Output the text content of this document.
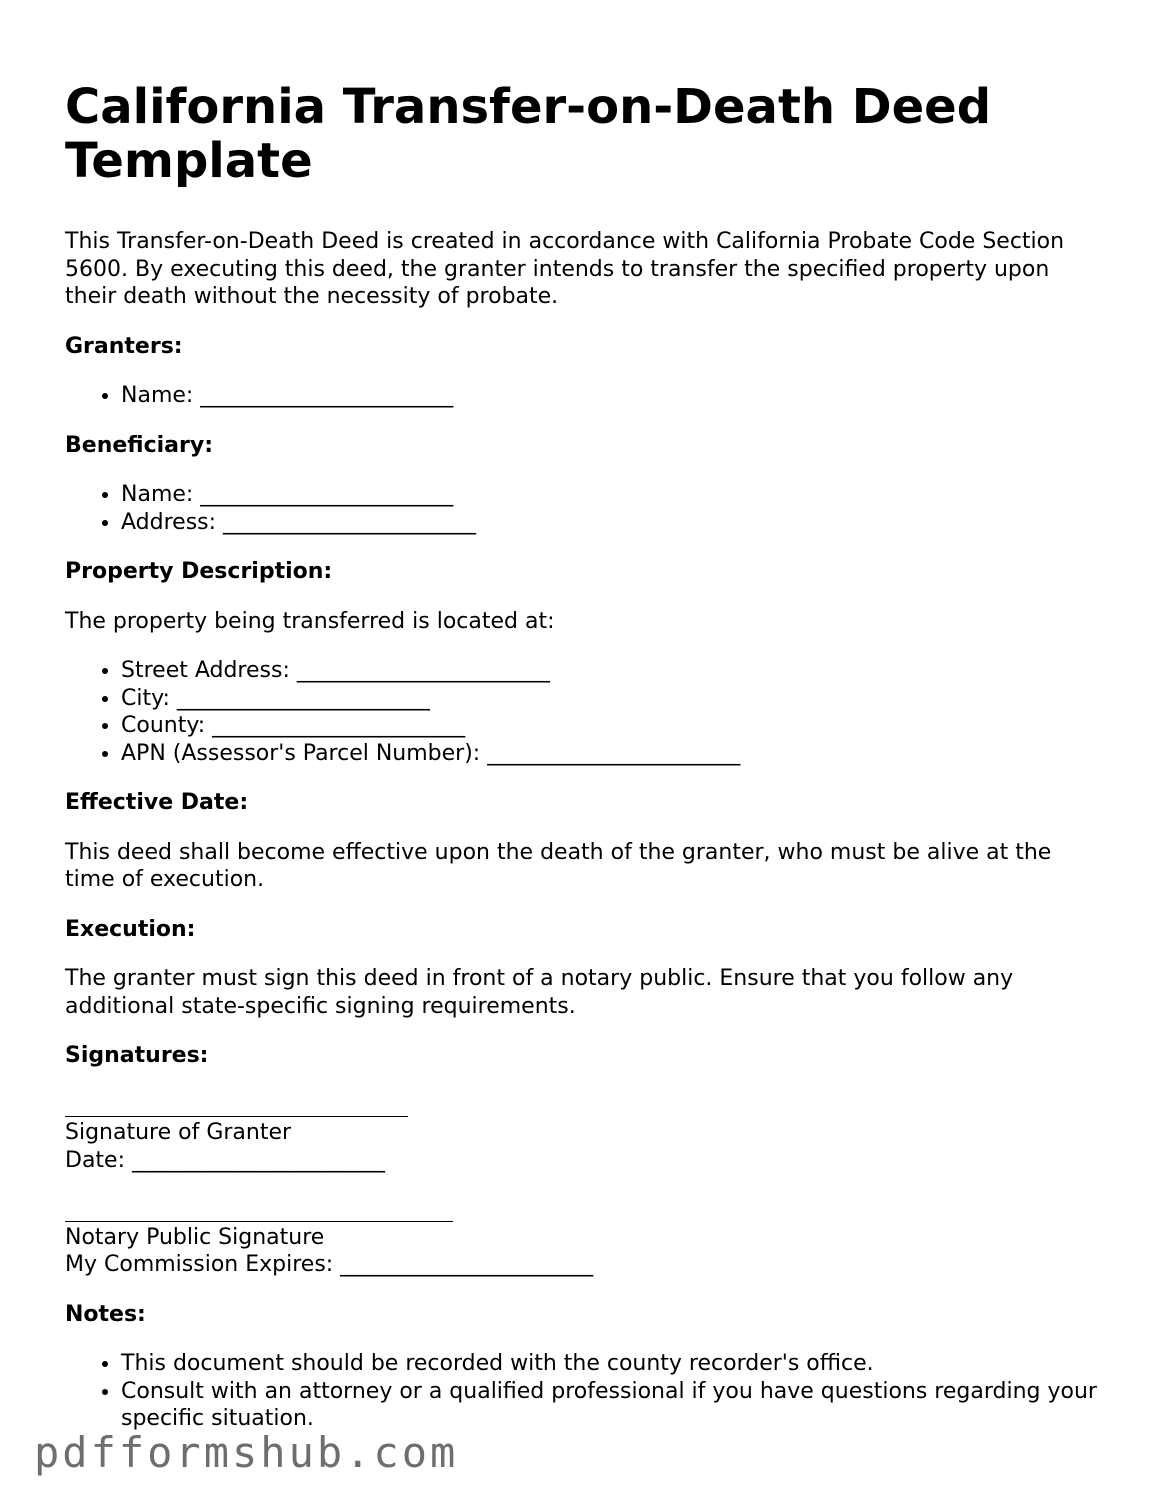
California Transfer-on-Death Deed Template

This Transfer-on-Death Deed is created in accordance with California Probate Code Section 5600. By executing this deed, the granter intends to transfer the specified property upon their death without the necessity of probate.

Granters:
• Name: _______________________
Beneficiary:
• Name: _______________________
• Address: _______________________
Property Description:

The property being transferred is located at:

• Street Address: _______________________
• City: _______________________
• County: _______________________
• APN (Assessor's Parcel Number): _______________________
Effective Date:

This deed shall become effective upon the death of the granter, who must be alive at the time of execution.

Execution:

The granter must sign this deed in front of a notary public. Ensure that you follow any additional state-specific signing requirements.

Signatures:
Signature of Granter
Date: _______________________
Notary Public Signature
My Commission Expires: _______________________
Notes:
• This document should be recorded with the county recorder's office.
• Consult with an attorney or a qualified professional if you have questions regarding your specific situation.
pdfformshub.com
